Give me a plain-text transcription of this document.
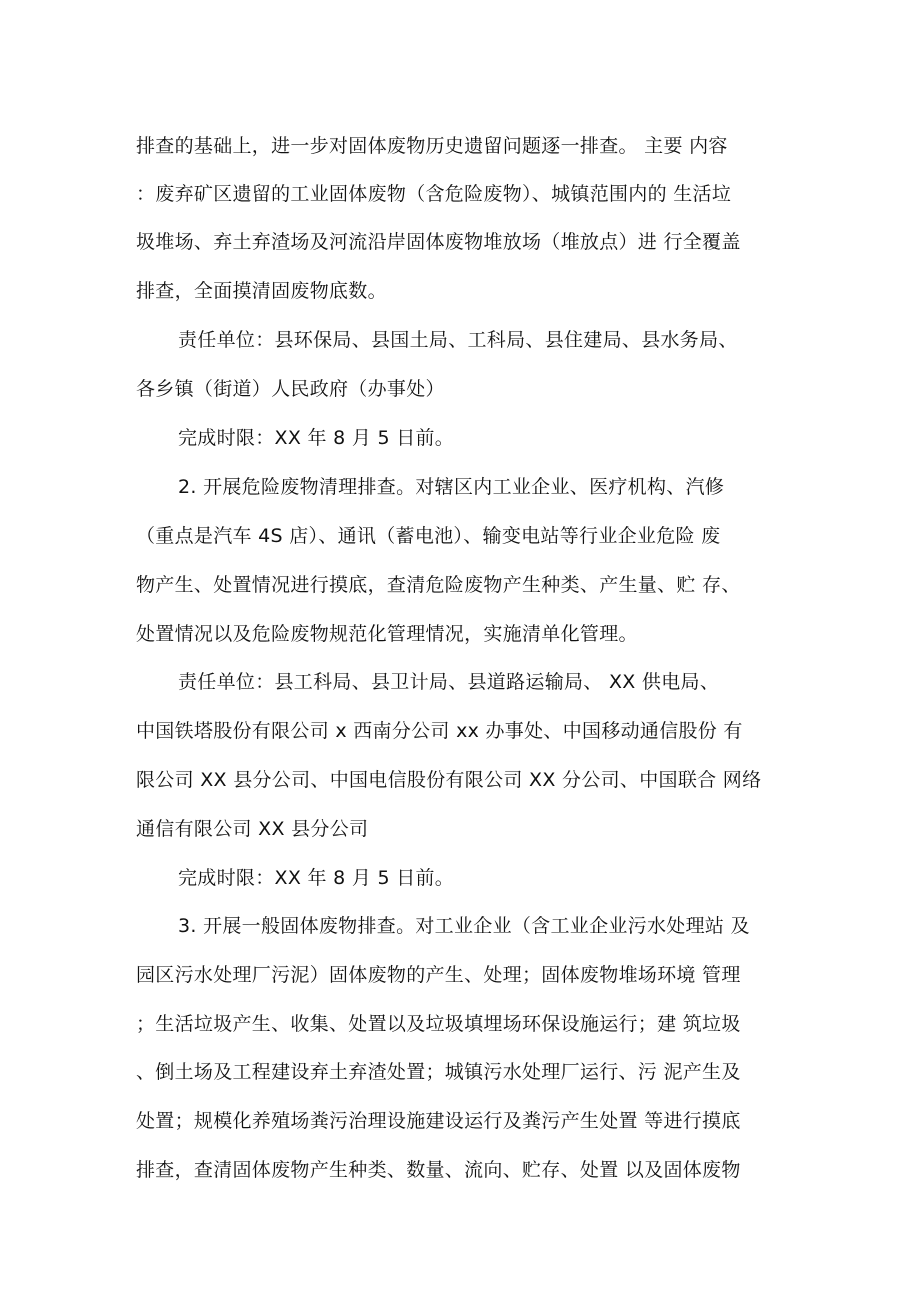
排查的基础上，进一步对固体废物历史遗留问题逐一排查。 主要 内容
：废弃矿区遗留的工业固体废物（含危险废物）、城镇范围内的 生活垃
圾堆场、弃土弃渣场及河流沿岸固体废物堆放场（堆放点）进 行全覆盖
排查，全面摸清固废物底数。
责任单位：县环保局、县国土局、工科局、县住建局、县水务局、
各乡镇（街道）人民政府（办事处）
完成时限：XX 年 8 月 5 日前。
2. 开展危险废物清理排查。对辖区内工业企业、医疗机构、汽修
（重点是汽车 4S 店）、通讯（蓄电池）、输变电站等行业企业危险 废
物产生、处置情况进行摸底，查清危险废物产生种类、产生量、贮 存、
处置情况以及危险废物规范化管理情况，实施清单化管理。
责任单位：县工科局、县卫计局、县道路运输局、 XX 供电局、
中国铁塔股份有限公司 x 西南分公司 xx 办事处、中国移动通信股份 有
限公司 XX 县分公司、中国电信股份有限公司 XX 分公司、中国联合 网络
通信有限公司 XX 县分公司
完成时限：XX 年 8 月 5 日前。
3. 开展一般固体废物排查。对工业企业（含工业企业污水处理站 及
园区污水处理厂污泥）固体废物的产生、处理；固体废物堆场环境 管理
；生活垃圾产生、收集、处置以及垃圾填埋场环保设施运行；建 筑垃圾
、倒土场及工程建设弃土弃渣处置；城镇污水处理厂运行、污 泥产生及
处置；规模化养殖场粪污治理设施建设运行及粪污产生处置 等进行摸底
排查，查清固体废物产生种类、数量、流向、贮存、处置 以及固体废物
